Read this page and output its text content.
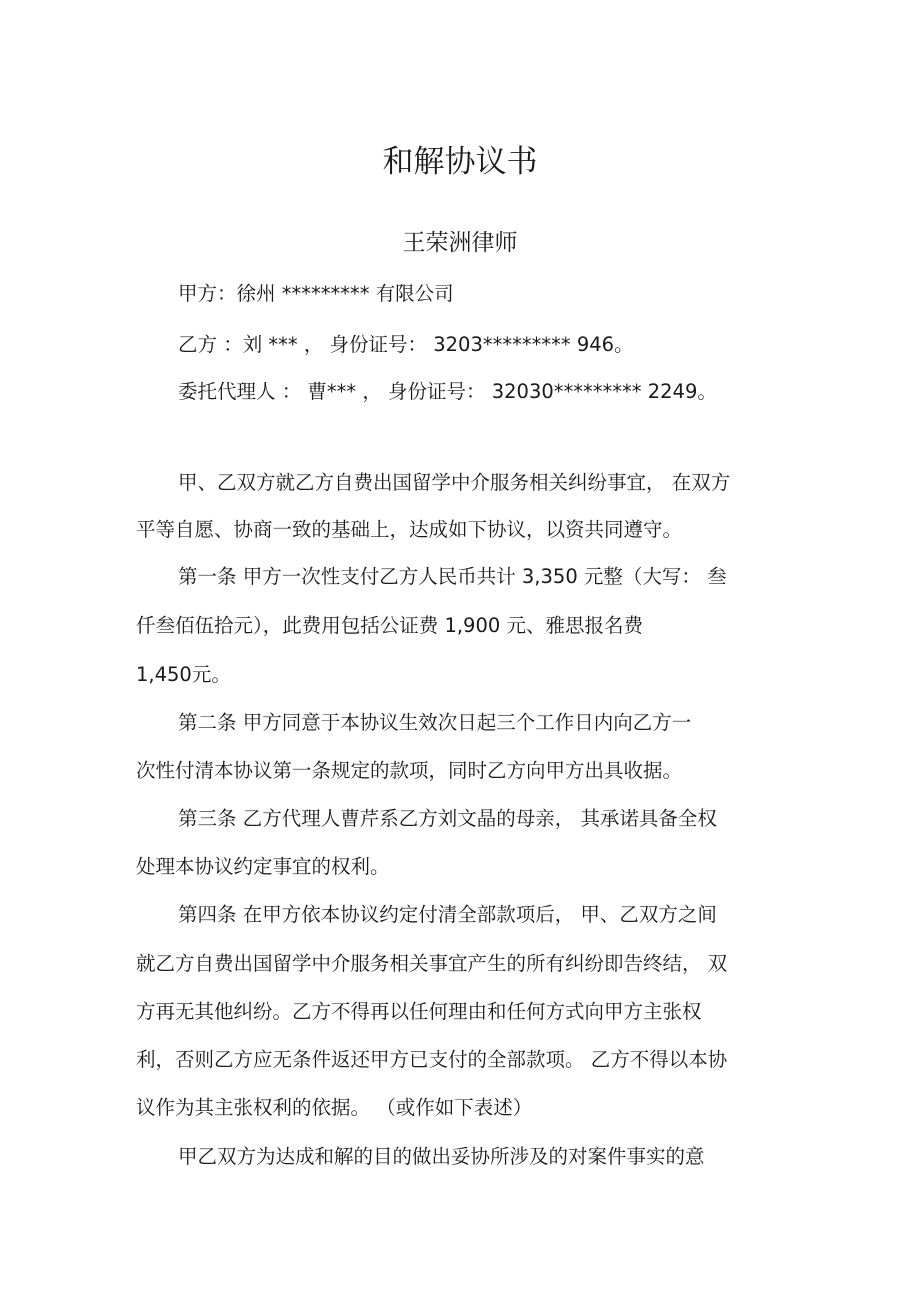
和解协议书
王荣洲律师
甲方：徐州 ********* 有限公司
乙方 ：刘 *** ， 身份证号： 3203********* 946。
委托代理人 ： 曹*** ， 身份证号： 32030********* 2249。
甲、乙双方就乙方自费出国留学中介服务相关纠纷事宜， 在双方
平等自愿、协商一致的基础上，达成如下协议，以资共同遵守。
第一条 甲方一次性支付乙方人民币共计 3,350 元整（大写： 叁
仟叁佰伍拾元），此费用包括公证费 1,900 元、雅思报名费
1,450元。
第二条 甲方同意于本协议生效次日起三个工作日内向乙方一
次性付清本协议第一条规定的款项，同时乙方向甲方出具收据。
第三条 乙方代理人曹芹系乙方刘文晶的母亲， 其承诺具备全权
处理本协议约定事宜的权利。
第四条 在甲方依本协议约定付清全部款项后， 甲、乙双方之间
就乙方自费出国留学中介服务相关事宜产生的所有纠纷即告终结， 双
方再无其他纠纷。乙方不得再以任何理由和任何方式向甲方主张权
利，否则乙方应无条件返还甲方已支付的全部款项。 乙方不得以本协
议作为其主张权利的依据。 （或作如下表述）
甲乙双方为达成和解的目的做出妥协所涉及的对案件事实的意
